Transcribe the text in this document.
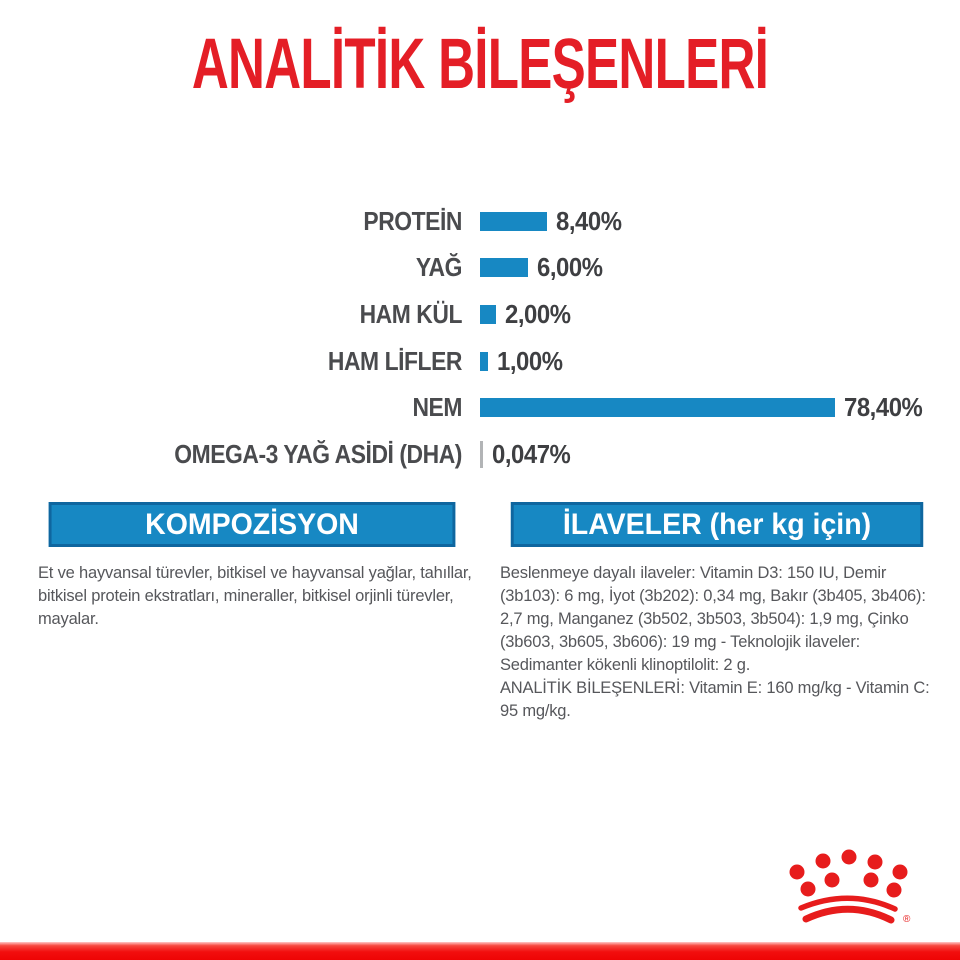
ANALİTİK BİLEŞENLERİ
PROTEİN	8,40%
YAĞ	6,00%
HAM KÜL 2,00%
HAM LİFLER 1,00%
NEM	78,40%
OMEGA-3 YAĞ ASİDİ (DHA) 0,047%
KOMPOZİSYON
Et ve hayvansal türevler, bitkisel ve hayvansal yağlar, tahıllar,
bitkisel protein ekstratları, mineraller, bitkisel orjinli türevler,
mayalar.
İLAVELER (her kg için)
Beslenmeye dayalı ilaveler: Vitamin D3: 150 IU, Demir
(3b103): 6 mg, İyot (3b202): 0,34 mg, Bakır (3b405, 3b406):
2,7 mg, Manganez (3b502, 3b503, 3b504): 1,9 mg, Çinko
(3b603, 3b605, 3b606): 19 mg - Teknolojik ilaveler:
Sedimanter kökenli klinoptilolit: 2 g.
ANALİTİK BİLEŞENLERİ: Vitamin E: 160 mg/kg - Vitamin C:
95 mg/kg.
®
